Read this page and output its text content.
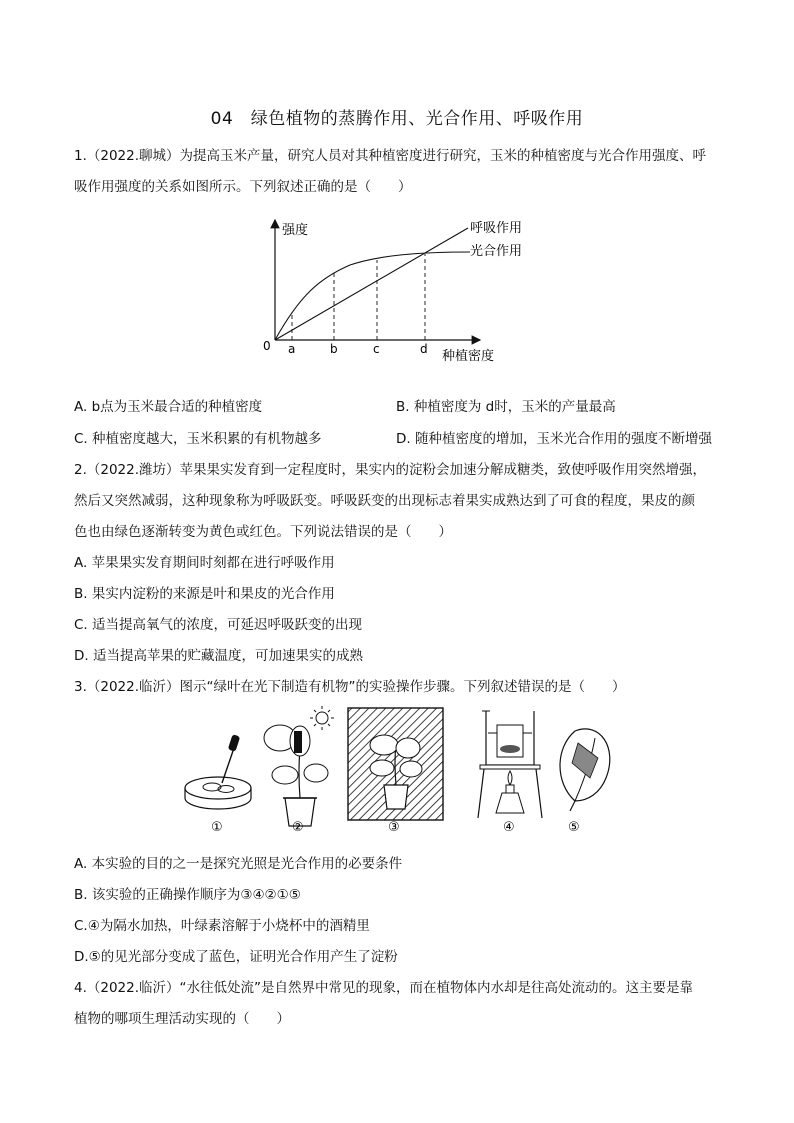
04　绿色植物的蒸腾作用、光合作用、呼吸作用
1.（2022.聊城）为提高玉米产量，研究人员对其种植密度进行研究，玉米的种植密度与光合作用强度、呼
吸作用强度的关系如图所示。下列叙述正确的是（　　）
强度
种植密度
0 a	b	c	d
呼吸作用
光合作用
A. b点为玉米最合适的种植密度	B. 种植密度为 d时，玉米的产量最高
C. 种植密度越大，玉米积累的有机物越多	D. 随种植密度的增加，玉米光合作用的强度不断增强
2.（2022.潍坊）苹果果实发育到一定程度时，果实内的淀粉会加速分解成糖类，致使呼吸作用突然增强，
然后又突然减弱，这种现象称为呼吸跃变。呼吸跃变的出现标志着果实成熟达到了可食的程度，果皮的颜
色也由绿色逐渐转变为黄色或红色。下列说法错误的是（　　）
A. 苹果果实发育期间时刻都在进行呼吸作用
B. 果实内淀粉的来源是叶和果皮的光合作用
C. 适当提高氧气的浓度，可延迟呼吸跃变的出现
D. 适当提高苹果的贮藏温度，可加速果实的成熟
3.（2022.临沂）图示“绿叶在光下制造有机物”的实验操作步骤。下列叙述错误的是（　　）
①	②	③	④	⑤
A. 本实验的目的之一是探究光照是光合作用的必要条件
B. 该实验的正确操作顺序为③④②①⑤
C.④为隔水加热，叶绿素溶解于小烧杯中的酒精里
D.⑤的见光部分变成了蓝色，证明光合作用产生了淀粉
4.（2022.临沂）“水往低处流”是自然界中常见的现象，而在植物体内水却是往高处流动的。这主要是靠
植物的哪项生理活动实现的（　　）
